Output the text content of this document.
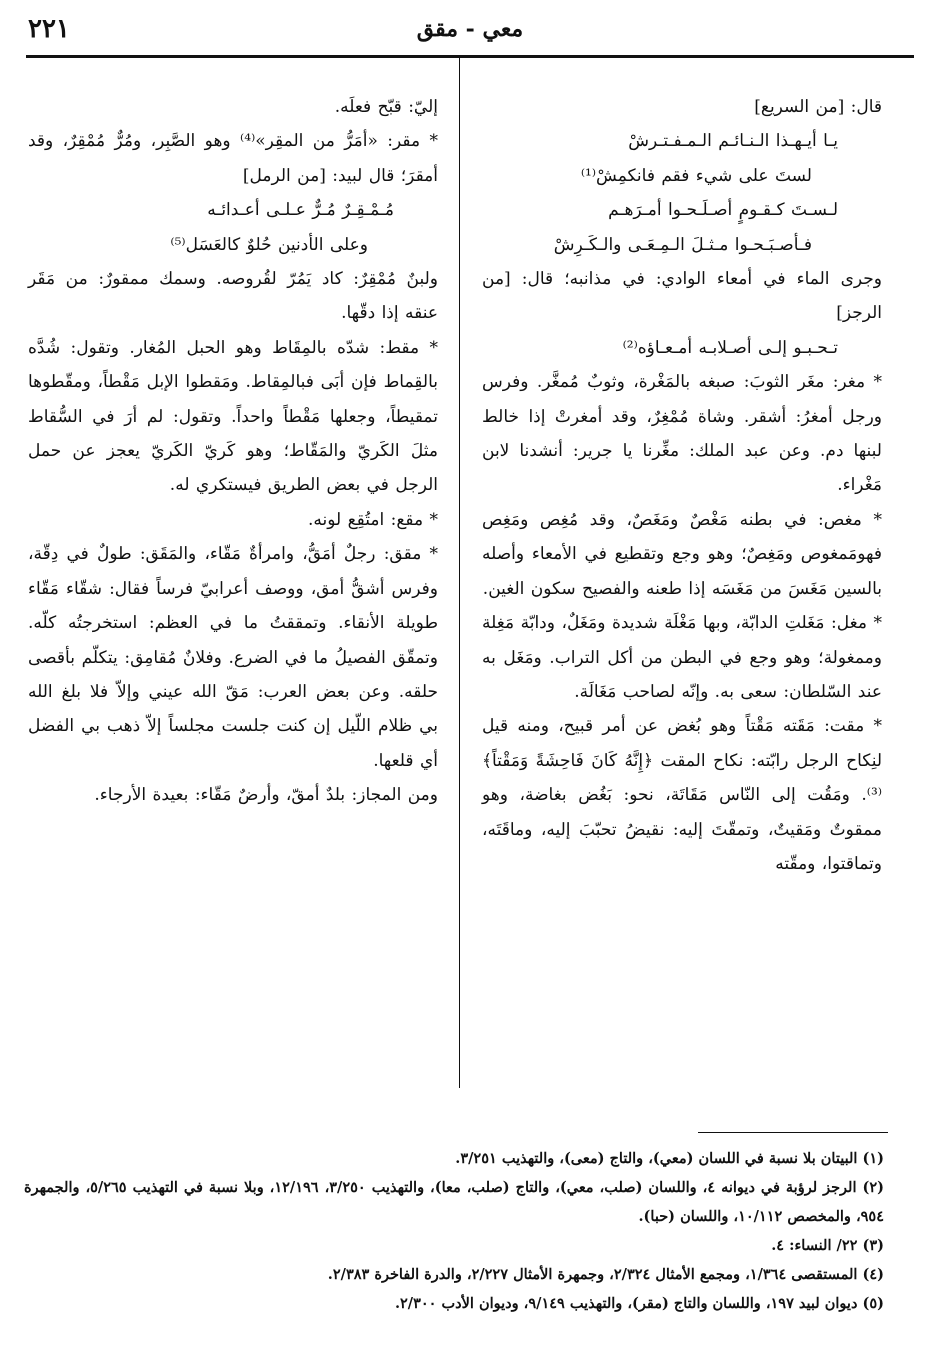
٢٢١	معي - مقق

قال: [من السريع]

يـا أيـهـذا الـنـائـم الـمـفـتـرشْ

لستَ على شيء فقم فانكمِشْ⁽¹⁾

لـسـتَ كـقـومٍ أصـلَـحـوا أمـرَهـم

فـأصـبَـحـوا مـثـلَ الـمِـعَـى والـكَـرِشْ

وجرى الماء في أمعاء الوادي: في مذانبه؛ قال: [من الرجز]

تـحـبـو إلـى أصـلابـه أمـعـاؤه⁽²⁾

* مغر: مغَر الثوبَ: صبغه بالمَغْرة، وثوبٌ مُمغَّر. وفرس ورجل أمغرُ: أشقر. وشاة مُمْغِرٌ، وقد أمغرتْ إذا خالط لبنها دم. وعن عبد الملك: مغِّرنا يا جرير: أنشدنا لابن مَغْراء.

* مغص: في بطنه مَغْصٌ ومَغَصٌ، وقد مُغِص ومَغِص فهومَمغوص ومَغِصٌ؛ وهو وجع وتقطيع في الأمعاء وأصله بالسين مَغَسَ من مَغَسَه إذا طعنه والفصيح سكون الغين.

* مغل: مَغَلتِ الدابّة، وبها مَغْلَة شديدة ومَغَلٌ، ودابّة مَغِلة وممغولة؛ وهو وجع في البطن من أكل التراب. ومَغَل به عند السّلطان: سعى به. وإنّه لصاحب مَغَالَة.

* مقت: مَقَته مَقْتاً وهو بُغض عن أمر قبيح، ومنه قيل لنِكاح الرجل رابّته: نكاح المقت ﴿إِنَّهُ كَانَ فَاحِشَةً وَمَقْتاً﴾⁽³⁾. ومَقُت إلى النّاس مَقَاتَة، نحو: بَغُض بغاضة، وهو ممقوتٌ ومَقيتٌ، وتمقّتَ إليه: نقيضُ تحبّبَ إليه، وماقَتَه، وتماقتوا، ومقّته

إليّ: قبّح فعلَه.

* مقر: «أمَرُّ من المقِر»⁽⁴⁾ وهو الصَّبِر، ومُرٌّ مُمْقِرٌ، وقد أمقرَ؛ قال لبيد: [من الرمل]

مُـمْـقِـرٌ مُـرٌّ عـلـى أعـدائـه

وعلى الأدنين حُلوٌ كالعَسَل⁽⁵⁾

ولبنٌ مُمْقِرٌ: كاد يَمُرّ لقُروصه. وسمك ممقورٌ: من مَقَر عنقه إذا دقّها.

* مقط: شدّه بالمِقَاط وهو الحبل المُغار. وتقول: شُدَّه بالقِماط فإن أبَى فبالمِقاط. ومَقطوا الإبل مَقْطاً، ومقّطوها تمقيطاً، وجعلها مَقْطاً واحداً. وتقول: لم أرَ في السُّقاط مثلَ الكَريّ والمَقّاط؛ وهو كَريّ الكَريّ يعجز عن حمل الرجل في بعض الطريق فيستكري له.

* مقع: امتُقِع لونه.

* مقق: رجلٌ أمَقُّ، وامرأةٌ مَقّاء، والمَقَق: طولٌ في دِقّة، وفرس أشقُّ أمق، ووصف أعرابيّ فرساً فقال: شقّاء مَقّاء طويلة الأنقاء. وتمققتُ ما في العظم: استخرجتُه كلّه. وتمقّق الفصيلُ ما في الضرع. وفلانٌ مُقامِق: يتكلّم بأقصى حلقه. وعن بعض العرب: مَقّ الله عيني وإلاّ فلا بلغ الله بي ظلام اللّيل إن كنت جلست مجلساً إلاّ ذهب بي الفضل أي قلعها.

ومن المجاز: بلدٌ أمقّ، وأرضٌ مَقّاء: بعيدة الأرجاء.

(١) البيتان بلا نسبة في اللسان (معي)، والتاج (معى)، والتهذيب ٣/٢٥١.

(٢) الرجز لرؤبة في ديوانه ٤، واللسان (صلب، معي)، والتاج (صلب، معا)، والتهذيب ٣/٢٥٠، ١٢/١٩٦، وبلا نسبة في التهذيب ٥/٢٦٥، والجمهرة ٩٥٤، والمخصص ١٠/١١٢، واللسان (حبا).

(٣) ٢٢/ النساء: ٤.

(٤) المستقصى ١/٣٦٤، ومجمع الأمثال ٢/٣٢٤، وجمهرة الأمثال ٢/٢٢٧، والدرة الفاخرة ٢/٣٨٣.

(٥) ديوان لبيد ١٩٧، واللسان والتاج (مقر)، والتهذيب ٩/١٤٩، وديوان الأدب ٢/٣٠٠.
